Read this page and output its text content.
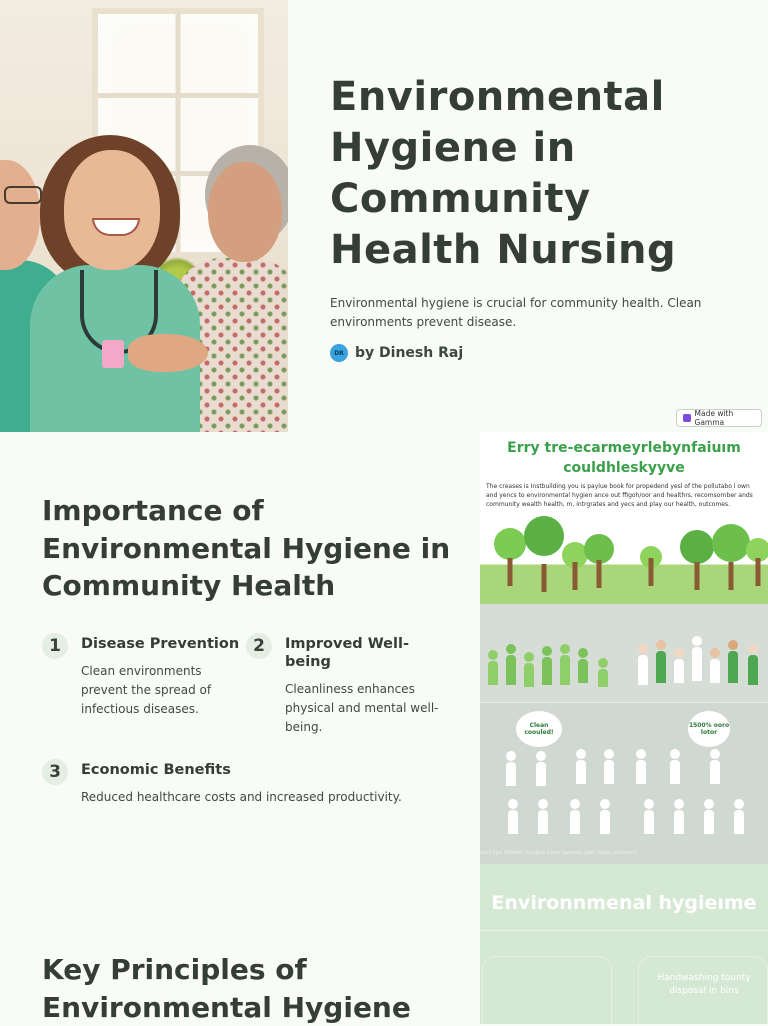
Environmental Hygiene in Community Health Nursing

Environmental hygiene is crucial for community health. Clean environments prevent disease.

DR by Dinesh Raj
Made with Gamma
Importance of Environmental Hygiene in Community Health
1	Disease Prevention

Clean environments prevent the spread of infectious diseases.

2	Improved Well-being

Cleanliness enhances physical and mental well-being.

3	Economic Benefits

Reduced healthcare costs and increased productivity.

Erry tre-ecarmeyrlebynfaiuım couldhleskyyve

The creases is Instbuilding you is paylue book for propedend yesl of the pollutabo l own and yencs to environmental hygien ance out ffigoh/oor and healthrs, recomsornber ands community wealth health, m, intrgrates and yecs and play our health, outcomes.

Clean coouled!
1500% ooro lotor

ala Cope (Ifhrdier forrgths e'eurr qamion, pelb fuiats (ofunmcr)

Environnmenal hygieıme

Handwashing tounty disposal in bins

Key Principles of Environmental Hygiene
